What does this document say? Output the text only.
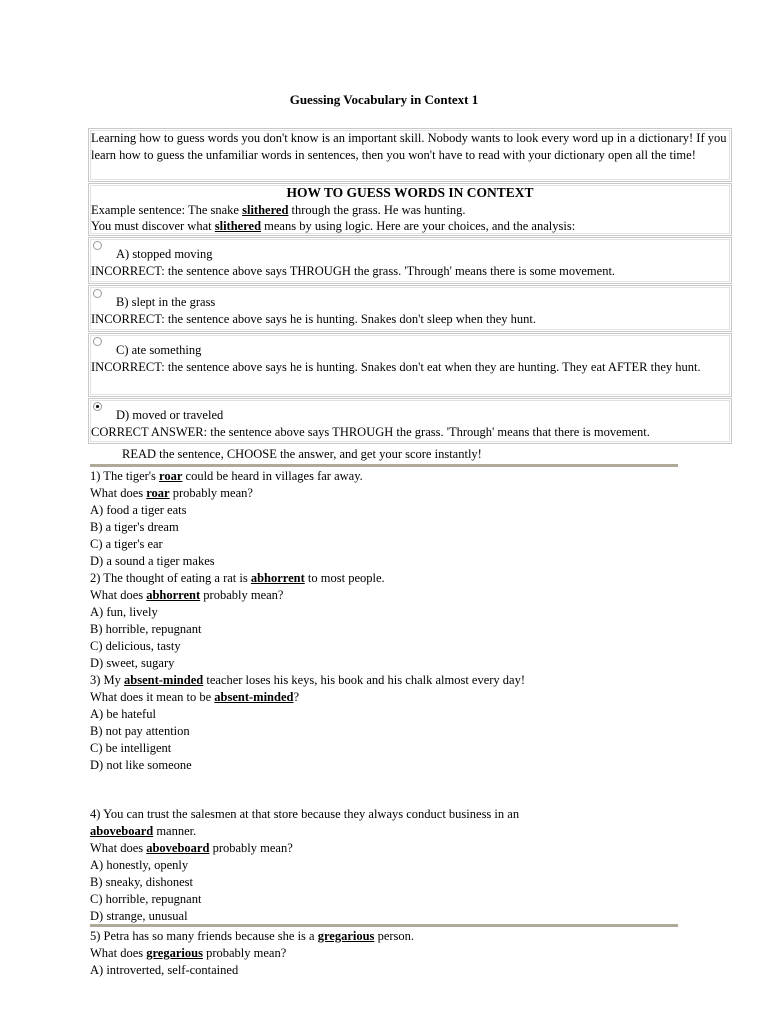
Guessing Vocabulary in Context 1
Learning how to guess words you don't know is an important skill. Nobody wants to look every word up in a dictionary! If you learn how to guess the unfamiliar words in sentences, then you won't have to read with your dictionary open all the time!
HOW TO GUESS WORDS IN CONTEXT
Example sentence: The snake slithered through the grass. He was hunting.
You must discover what slithered means by using logic. Here are your choices, and the analysis:
A) stopped moving
INCORRECT: the sentence above says THROUGH the grass. 'Through' means there is some movement.
B) slept in the grass
INCORRECT: the sentence above says he is hunting. Snakes don't sleep when they hunt.
C) ate something
INCORRECT: the sentence above says he is hunting. Snakes don't eat when they are hunting. They eat AFTER they hunt.
D) moved or traveled
CORRECT ANSWER: the sentence above says THROUGH the grass. 'Through' means that there is movement.
READ the sentence, CHOOSE the answer, and get your score instantly!
1) The tiger's roar could be heard in villages far away.
What does roar probably mean?
A) food a tiger eats
B) a tiger's dream
C) a tiger's ear
D) a sound a tiger makes
2) The thought of eating a rat is abhorrent to most people.
What does abhorrent probably mean?
A) fun, lively
B) horrible, repugnant
C) delicious, tasty
D) sweet, sugary
3) My absent-minded teacher loses his keys, his book and his chalk almost every day!
What does it mean to be absent-minded?
A) be hateful
B) not pay attention
C) be intelligent
D) not like someone
4) You can trust the salesmen at that store because they always conduct business in an aboveboard manner.
What does aboveboard probably mean?
A) honestly, openly
B) sneaky, dishonest
C) horrible, repugnant
D) strange, unusual
5) Petra has so many friends because she is a gregarious person.
What does gregarious probably mean?
A) introverted, self-contained
